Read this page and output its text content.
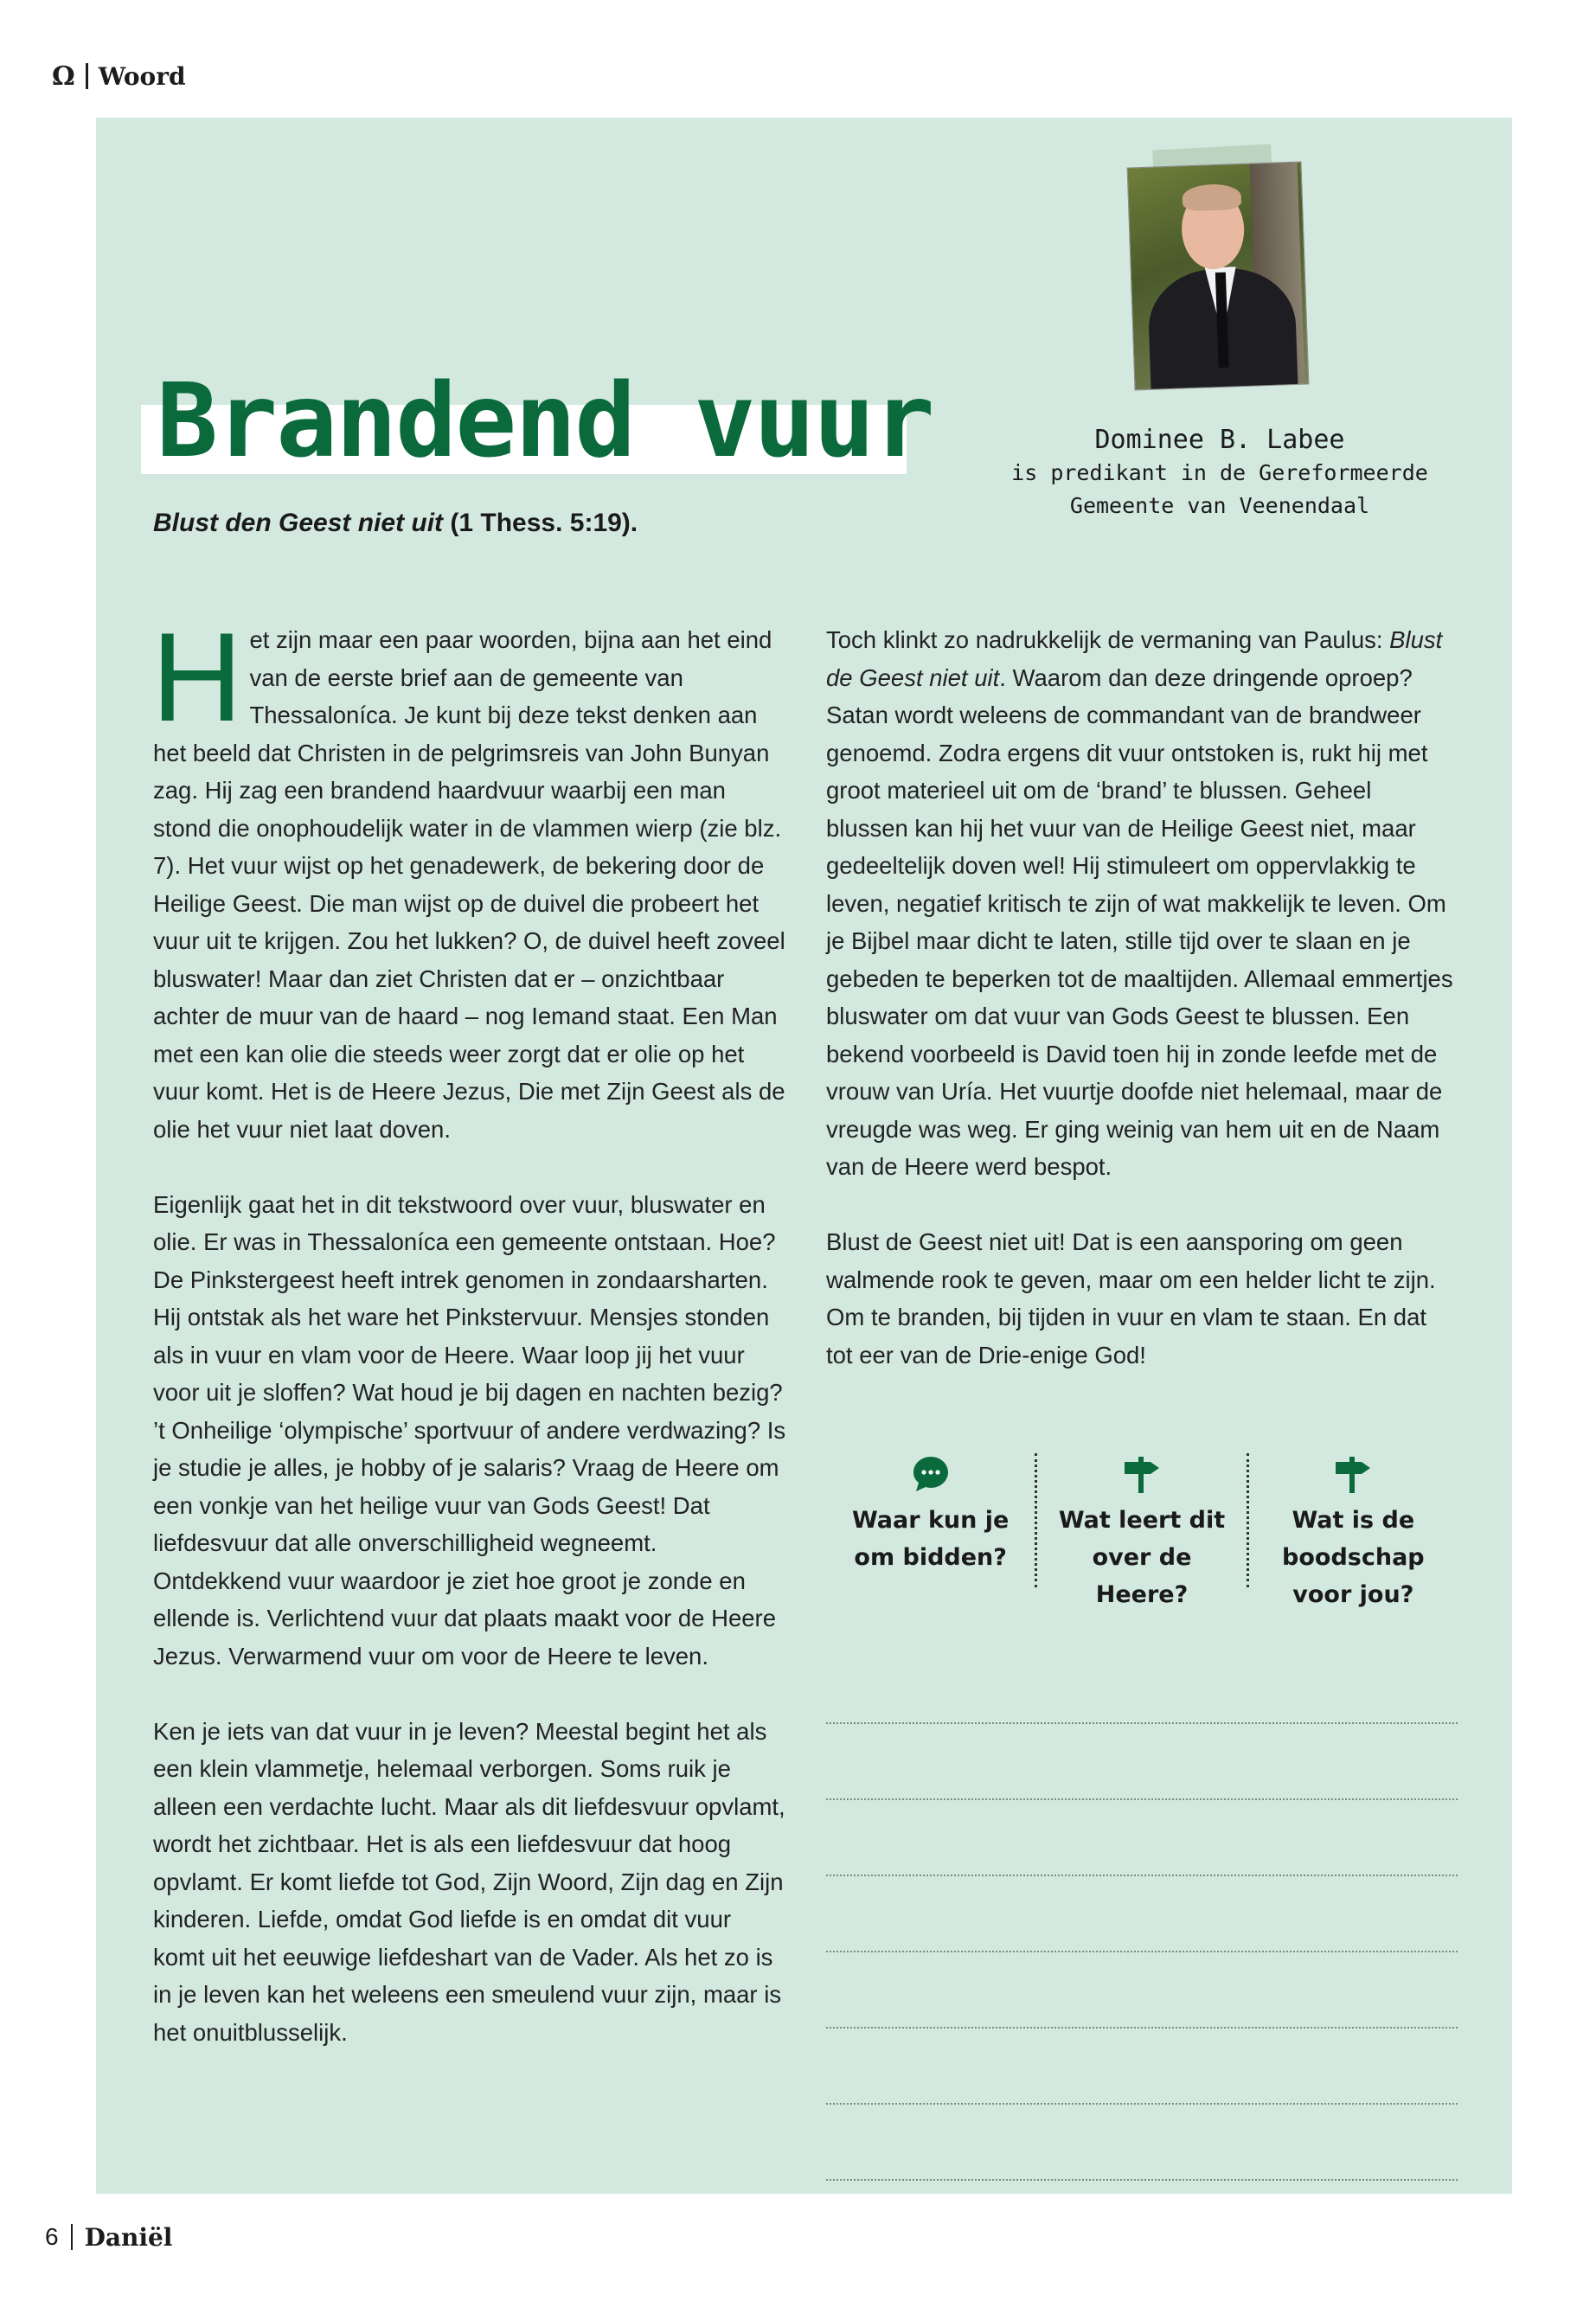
Ω Woord
Dominee B. Labee
is predikant in de Gereformeerde
Gemeente van Veenendaal
Brandend vuur
Blust den Geest niet uit (1 Thess. 5:19).

Het zijn maar een paar woorden, bijna aan het eind van de eerste brief aan de gemeente van Thessaloníca. Je kunt bij deze tekst denken aan het beeld dat Christen in de pelgrimsreis van John Bunyan zag. Hij zag een brandend haardvuur waarbij een man stond die onophoudelijk water in de vlammen wierp (zie blz. 7). Het vuur wijst op het genadewerk, de bekering door de Heilige Geest. Die man wijst op de duivel die probeert het vuur uit te krijgen. Zou het lukken? O, de duivel heeft zoveel bluswater! Maar dan ziet Christen dat er – onzichtbaar achter de muur van de haard – nog Iemand staat. Een Man met een kan olie die steeds weer zorgt dat er olie op het vuur komt. Het is de Heere Jezus, Die met Zijn Geest als de olie het vuur niet laat doven.

Eigenlijk gaat het in dit tekstwoord over vuur, bluswater en olie. Er was in Thessaloníca een gemeente ontstaan. Hoe? De Pinkstergeest heeft intrek genomen in zondaarsharten. Hij ontstak als het ware het Pinkstervuur. Mensjes stonden als in vuur en vlam voor de Heere. Waar loop jij het vuur voor uit je sloffen? Wat houd je bij dagen en nachten bezig? ’t Onheilige ‘olympische’ sportvuur of andere verdwazing? Is je studie je alles, je hobby of je salaris? Vraag de Heere om een vonkje van het heilige vuur van Gods Geest! Dat liefdesvuur dat alle onverschilligheid wegneemt. Ontdekkend vuur waardoor je ziet hoe groot je zonde en ellende is. Verlichtend vuur dat plaats maakt voor de Heere Jezus. Verwarmend vuur om voor de Heere te leven.

Ken je iets van dat vuur in je leven? Meestal begint het als een klein vlammetje, helemaal verborgen. Soms ruik je alleen een verdachte lucht. Maar als dit liefdesvuur opvlamt, wordt het zichtbaar. Het is als een liefdesvuur dat hoog opvlamt. Er komt liefde tot God, Zijn Woord, Zijn dag en Zijn kinderen. Liefde, omdat God liefde is en omdat dit vuur komt uit het eeuwige liefdeshart van de Vader. Als het zo is in je leven kan het weleens een smeulend vuur zijn, maar is het onuitblusselijk.

Toch klinkt zo nadrukkelijk de vermaning van Paulus: Blust de Geest niet uit. Waarom dan deze dringende oproep? Satan wordt weleens de commandant van de brandweer genoemd. Zodra ergens dit vuur ontstoken is, rukt hij met groot materieel uit om de ‘brand’ te blussen. Geheel blussen kan hij het vuur van de Heilige Geest niet, maar gedeeltelijk doven wel! Hij stimuleert om oppervlakkig te leven, negatief kritisch te zijn of wat makkelijk te leven. Om je Bijbel maar dicht te laten, stille tijd over te slaan en je gebeden te beperken tot de maaltijden. Allemaal emmertjes bluswater om dat vuur van Gods Geest te blussen. Een bekend voorbeeld is David toen hij in zonde leefde met de vrouw van Uría. Het vuurtje doofde niet helemaal, maar de vreugde was weg. Er ging weinig van hem uit en de Naam van de Heere werd bespot.

Blust de Geest niet uit! Dat is een aansporing om geen walmende rook te geven, maar om een helder licht te zijn. Om te branden, bij tijden in vuur en vlam te staan. En dat tot eer van de Drie-enige God!

Waar kun je om bidden?
Wat leert dit over de Heere?
Wat is de boodschap voor jou?
6 Daniël
